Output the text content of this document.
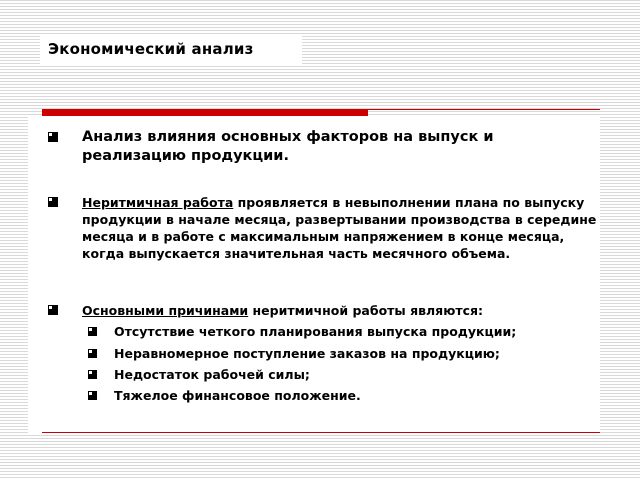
Экономический анализ
Анализ влияния основных факторов на выпуск и реализацию продукции.
Неритмичная работа проявляется в невыполнении плана по выпуску продукции в начале месяца, развертывании производства в середине месяца и в работе с максимальным напряжением в конце месяца, когда выпускается значительная часть месячного объема.
Основными причинами неритмичной работы являются:
Отсутствие четкого планирования выпуска продукции;
Неравномерное поступление заказов на продукцию;
Недостаток рабочей силы;
Тяжелое финансовое положение.
